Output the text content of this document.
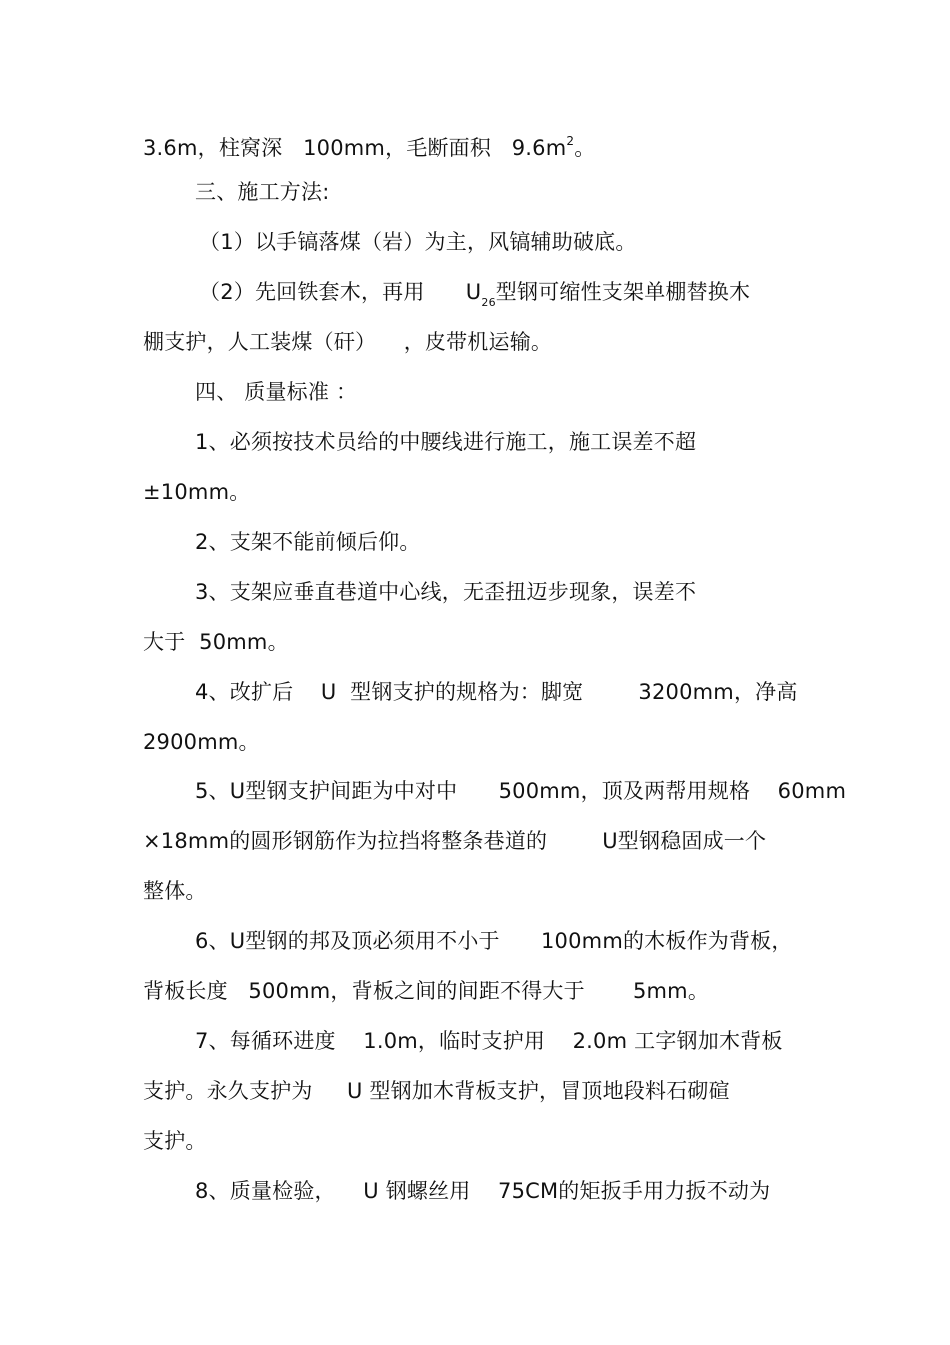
3.6m，柱窝深   100mm，毛断面积   $9.6m^2$。
三、施工方法:
（1）以手镐落煤（岩）为主，风镐辅助破底。
（2）先回铁套木，再用      $U_{26}$型钢可缩性支架单棚替换木
棚支护，人工装煤（矸）    ，皮带机运输。
四、 质量标准 ：
1、必须按技术员给的中腰线进行施工，施工误差不超
±10mm。
2、支架不能前倾后仰。
3、支架应垂直巷道中心线，无歪扭迈步现象，误差不
大于  50mm。
4、改扩后    U  型钢支护的规格为：脚宽        3200mm，净高
2900mm。
5、U型钢支护间距为中对中      500mm，顶及两帮用规格    60mm
×18mm的圆形钢筋作为拉挡将整条巷道的        U型钢稳固成一个
整体。
6、U型钢的邦及顶必须用不小于      100mm的木板作为背板，
背板长度   500mm，背板之间的间距不得大于       5mm。
7、每循环进度    1.0m，临时支护用    2.0m 工字钢加木背板
支护。永久支护为     U 型钢加木背板支护，冒顶地段料石砌碹
支护。
8、质量检验，    U 钢螺丝用    75CM的矩扳手用力扳不动为
